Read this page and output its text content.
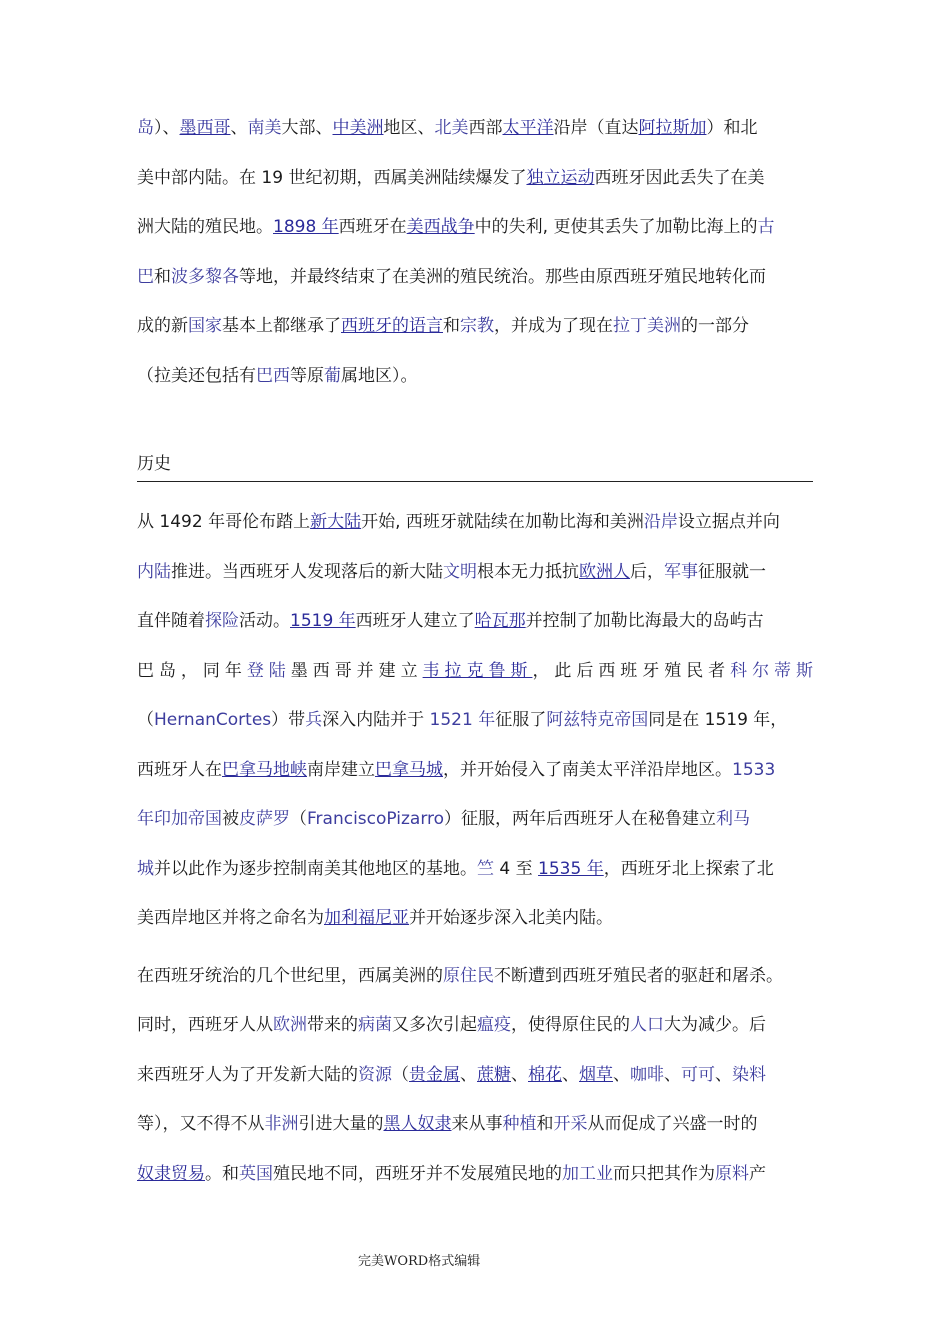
岛）、墨西哥、南美大部、中美洲地区、北美西部太平洋沿岸（直达阿拉斯加）和北

美中部内陆。在 19 世纪初期，西属美洲陆续爆发了独立运动西班牙因此丢失了在美

洲大陆的殖民地。1898 年西班牙在美西战争中的失利, 更使其丢失了加勒比海上的古

巴和波多黎各等地，并最终结束了在美洲的殖民统治。那些由原西班牙殖民地转化而

成的新国家基本上都继承了西班牙的语言和宗教，并成为了现在拉丁美洲的一部分

（拉美还包括有巴西等原葡属地区）。

历史

从 1492 年哥伦布踏上新大陆开始, 西班牙就陆续在加勒比海和美洲沿岸设立据点并向

内陆推进。当西班牙人发现落后的新大陆文明根本无力抵抗欧洲人后，军事征服就一

直伴随着探险活动。1519 年西班牙人建立了哈瓦那并控制了加勒比海最大的岛屿古

巴岛，同年登陆墨西哥并建立韦拉克鲁斯，此后西班牙殖民者科尔蒂斯

（HernanCortes）带兵深入内陆并于 1521 年征服了阿兹特克帝国同是在 1519 年，

西班牙人在巴拿马地峡南岸建立巴拿马城，并开始侵入了南美太平洋沿岸地区。1533

年印加帝国被皮萨罗（FranciscoPizarro）征服，两年后西班牙人在秘鲁建立利马

城并以此作为逐步控制南美其他地区的基地。竺 4 至 1535 年，西班牙北上探索了北

美西岸地区并将之命名为加利福尼亚并开始逐步深入北美内陆。

在西班牙统治的几个世纪里，西属美洲的原住民不断遭到西班牙殖民者的驱赶和屠杀。

同时，西班牙人从欧洲带来的病菌又多次引起瘟疫，使得原住民的人口大为减少。后

来西班牙人为了开发新大陆的资源（贵金属、蔗糖、棉花、烟草、咖啡、可可、染料

等），又不得不从非洲引进大量的黑人奴隶来从事种植和开采从而促成了兴盛一时的

奴隶贸易。和英国殖民地不同，西班牙并不发展殖民地的加工业而只把其作为原料产

完美WORD格式编辑
